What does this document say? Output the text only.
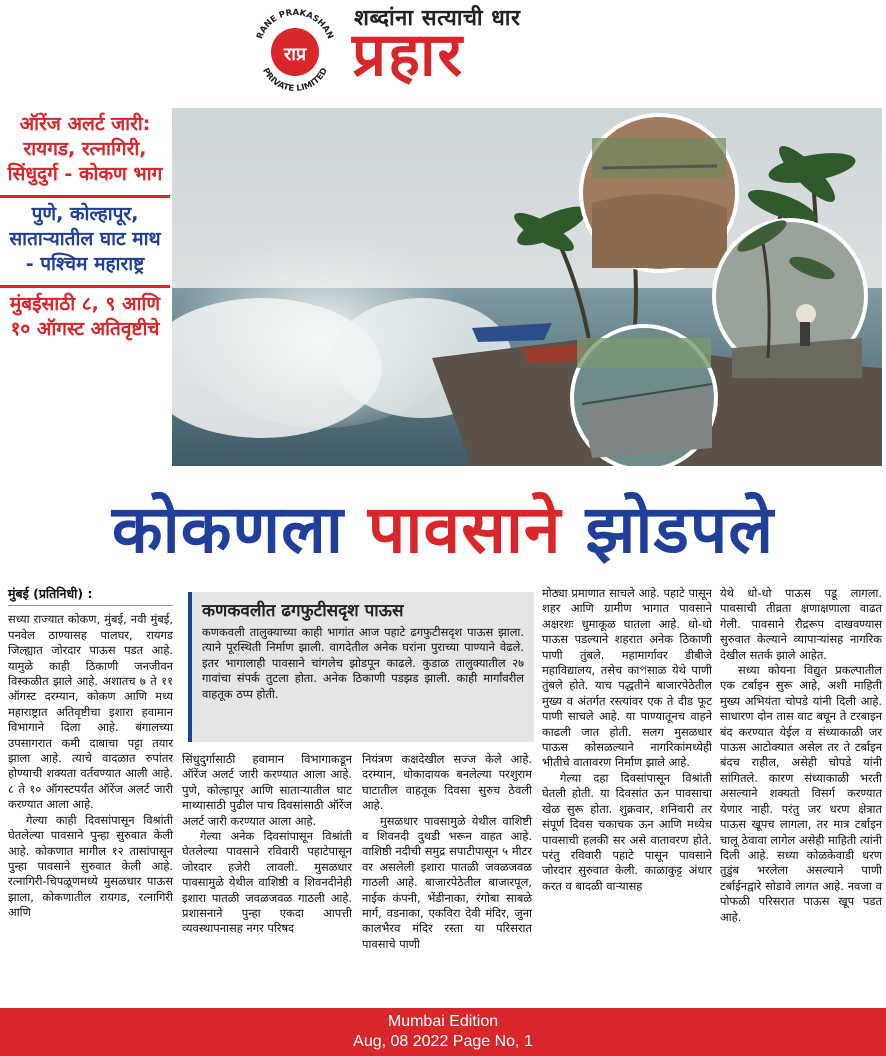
राप्र
RANE PRAKASHAN
PRIVATE LIMITED
शब्दांना सत्याची धार
प्रहार
ऑरेंज अलर्ट जारी: रायगड, रत्नागिरी, सिंधुदुर्ग - कोकण भाग
पुणे, कोल्हापूर, साताऱ्यातील घाट माथ - पश्चिम महाराष्ट्र
मुंबईसाठी ८, ९ आणि १० ऑगस्ट अतिवृष्टीचे
कोकणला पावसाने झोडपले
मुंबई (प्रतिनिधी) :

सध्या राज्यात कोकण, मुंबई, नवी मुंबई, पनवेल ठाण्यासह पालघर, रायगड जिल्ह्यात जोरदार पाऊस पडत आहे. यामुळे काही ठिकाणी जनजीवन विस्कळीत झाले आहे. अशातच ७ ते ११ ऑगस्ट दरम्यान, कोकण आणि मध्य महाराष्ट्रात अतिवृष्टीचा इशारा हवामान विभागाने दिला आहे. बंगालच्या उपसागरात कमी दाबाचा पट्टा तयार झाला आहे. त्याचे वादळात रुपांतर होण्याची शक्यता वर्तवण्यात आली आहे. ८ ते १० ऑगस्टपर्यंत ऑरेंज अलर्ट जारी करण्यात आला आहे.

गेल्या काही दिवसांपासून विश्रांती घेतलेल्या पावसाने पुन्हा सुरुवात केली आहे. कोकणात मागील १२ तासांपासून पुन्हा पावसाने सुरुवात केली आहे. रत्नागिरी-चिपळूणमध्ये मुसळधार पाऊस झाला, कोकणातील रायगड, रत्नागिरी आणि

कणकवलीत ढगफुटीसदृश पाऊस
कणकवली तालुक्याच्या काही भागांत आज पहाटे ढगफुटीसदृश पाऊस झाला. त्याने पूरस्थिती निर्माण झाली. वागदेतील अनेक घरांना पुराच्या पाण्याने वेढले. इतर भागालाही पावसाने चांगलेच झोडपून काढले. कुडाळ तालुक्यातील २७ गावांचा संपर्क तुटला होता. अनेक ठिकाणी पडझड झाली. काही मार्गांवरील वाहतूक ठप्प होती.

सिंधुदुर्गासाठी हवामान विभागाकडून ऑरेंज अलर्ट जारी करण्यात आला आहे. पुणे, कोल्हापूर आणि साताऱ्यातील घाट माथ्यासाठी पुढील पाच दिवसांसाठी ऑरेंज अलर्ट जारी करण्यात आला आहे.

गेल्या अनेक दिवसांपासून विश्रांती घेतलेल्या पावसाने रविवारी पहाटेपासून जोरदार हजेरी लावली. मुसळधार पावसामुळे येथील वाशिष्ठी व शिवनदीनेही इशारा पातळी जवळजवळ गाठली आहे. प्रशासनाने पुन्हा एकदा आपत्ती व्यवस्थापनासह नगर परिषद

नियंत्रण कक्षदेखील सज्ज केले आहे. दरम्यान, धोकादायक बनलेल्या परशुराम घाटातील वाहतूक दिवसा सुरुच ठेवली आहे.

मुसळधार पावसामुळे येथील वाशिष्टी व शिवनदी दुथडी भरून वाहत आहे. वाशिष्ठी नदीची समुद्र सपाटीपासून ५ मीटर वर असलेली इशारा पातळी जवळजवळ गाठली आहे. बाजारपेठेतील बाजारपूल, नाईक कंपनी, भेंडीनाका, रंगोबा साबळे मार्ग, वडनाका, एकविरा देवी मंदिर, जुना कालभैरव मंदिर रस्ता या परिसरात पावसाचे पाणी

मोठ्या प्रमाणात साचले आहे. पहाटे पासून शहर आणि ग्रामीण भागात पावसाने अक्षरशः धुमाकूळ घातला आहे. धो-धो पाऊस पडल्याने शहरात अनेक ठिकाणी पाणी तुंबले. महामार्गावर डीबीजे महाविद्यालय, तसेच काপसाळ येथे पाणी तुंबले होते. याच पद्धतीने बाजारपेठेतील मुख्य व अंतर्गत रस्त्यांवर एक ते दीड फूट पाणी साचले आहे. या पाण्यातूनच वाहने काढली जात होती. सलग मुसळधार पाऊस कोसळल्याने नागरिकांमध्येही भीतीचे वातावरण निर्माण झाले आहे.

गेल्या दहा दिवसांपासून विश्रांती घेतली होती. या दिवसांत ऊन पावसाचा खेळ सुरू होता. शुक्रवार, शनिवारी तर संपूर्ण दिवस चकाचक ऊन आणि मध्येच पावसाची हलकी सर असे वातावरण होते. परंतु रविवारी पहाटे पासून पावसाने जोरदार सुरुवात केली. काळाकुट्ट अंधार करत व बादळी वाऱ्यासह

येथे धो-धो पाऊस पडू लागला. पावसाची तीव्रता क्षणाक्षणाला वाढत गेली. पावसाने रौद्ररूप दाखवण्यास सुरुवात केल्याने व्यापाऱ्यांसह नागरिक देखील सतर्क झाले आहेत.

सध्या कोयना विद्युत प्रकल्पातील एक टर्बाइन सुरू आहे, अशी माहिती मुख्य अभियंता चोपडे यांनी दिली आहे. साधारण दोन तास वाट बघून ते टरबाइन बंद करण्यात येईल व संध्याकाळी जर पाऊस आटोक्यात असेल तर ते टर्बाइन बंदच राहील, असेही चोपडे यांनी सांगितले. कारण संध्याकाळी भरती असल्याने शक्यतो विसर्ग करण्यात येणार नाही. परंतु जर धरण क्षेत्रात पाऊस खूपच लागला, तर मात्र टर्बाइन चालू ठेवावा लागेल असेही माहिती त्यांनी दिली आहे. सध्या कोळकेवाडी धरण तुडुंब भरलेला असल्याने पाणी टर्बाईनद्वारे सोडावे लागत आहे. नवजा व पोफळी परिसरात पाऊस खूप पडत आहे.

Mumbai Edition
Aug, 08 2022 Page No, 1
